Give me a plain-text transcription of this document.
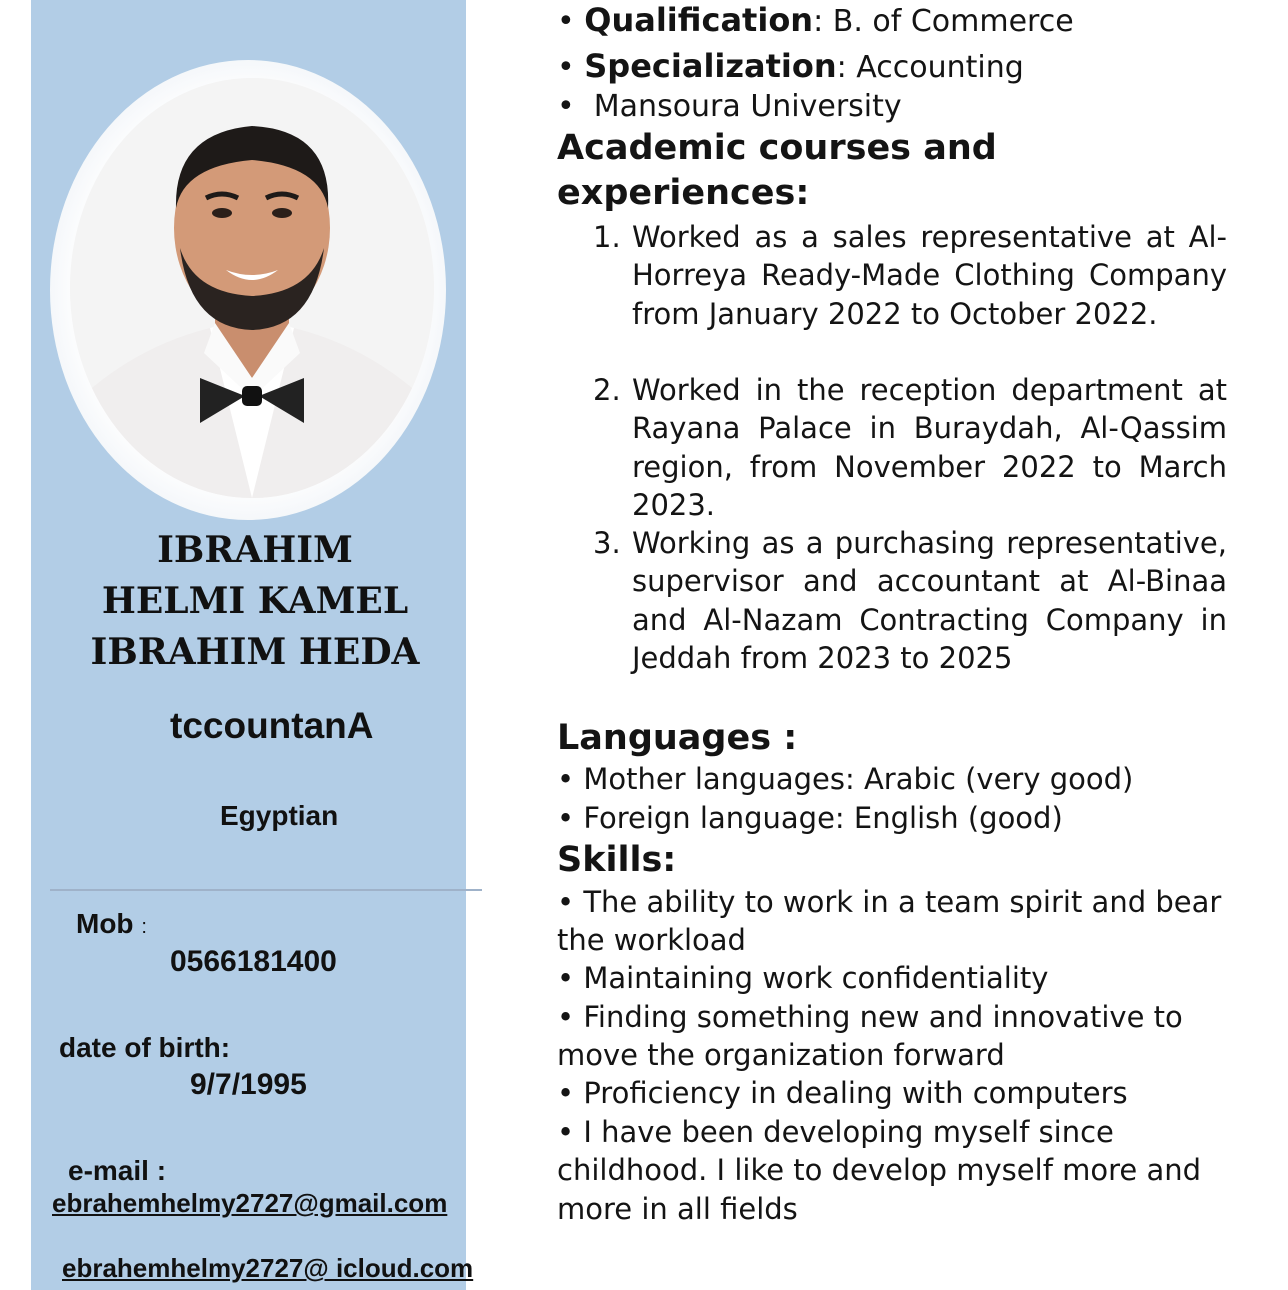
IBRAHIM
HELMI KAMEL
IBRAHIM HEDA
tccountanA
Egyptian
Mob :
0566181400
date of birth:
9/7/1995
e-mail :
ebrahemhelmy2727@gmail.com
ebrahemhelmy2727@ icloud.com
• Qualification: B. of Commerce
• Specialization: Accounting
• Mansoura University
Academic courses and
experiences:
1. Worked as a sales representative at Al-Horreya Ready-Made Clothing Company from January 2022 to October 2022.
2. Worked in the reception department at Rayana Palace in Buraydah, Al-Qassim region, from November 2022 to March 2023.
3. Working as a purchasing representative, supervisor and accountant at Al-Binaa and Al-Nazam Contracting Company in Jeddah from 2023 to 2025
Languages :
• Mother languages: Arabic (very good)
• Foreign language: English (good)
Skills:
• The ability to work in a team spirit and bear the workload
• Maintaining work confidentiality
• Finding something new and innovative to move the organization forward
• Proficiency in dealing with computers
• I have been developing myself since childhood. I like to develop myself more and more in all fields
